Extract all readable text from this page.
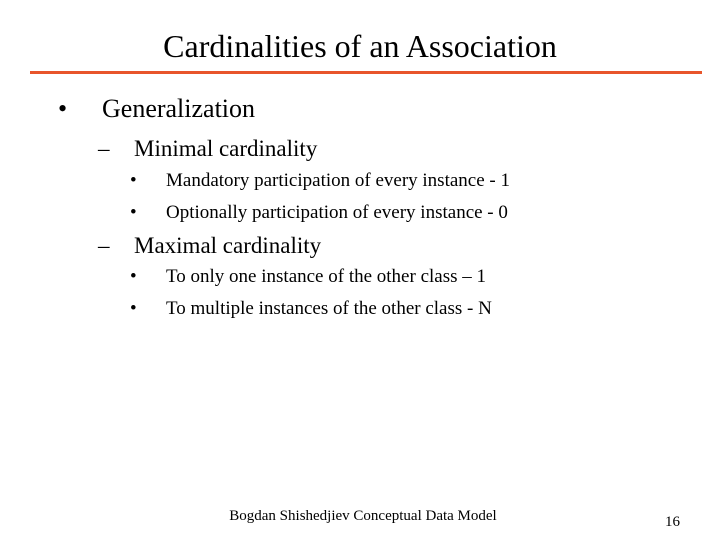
Cardinalities of an Association
• Generalization
– Minimal cardinality
• Mandatory participation of every instance - 1
• Optionally participation of every instance - 0
– Maximal cardinality
• To only one instance of the other class – 1
• To multiple instances of the other class - N
Bogdan Shishedjiev Conceptual Data Model	16
